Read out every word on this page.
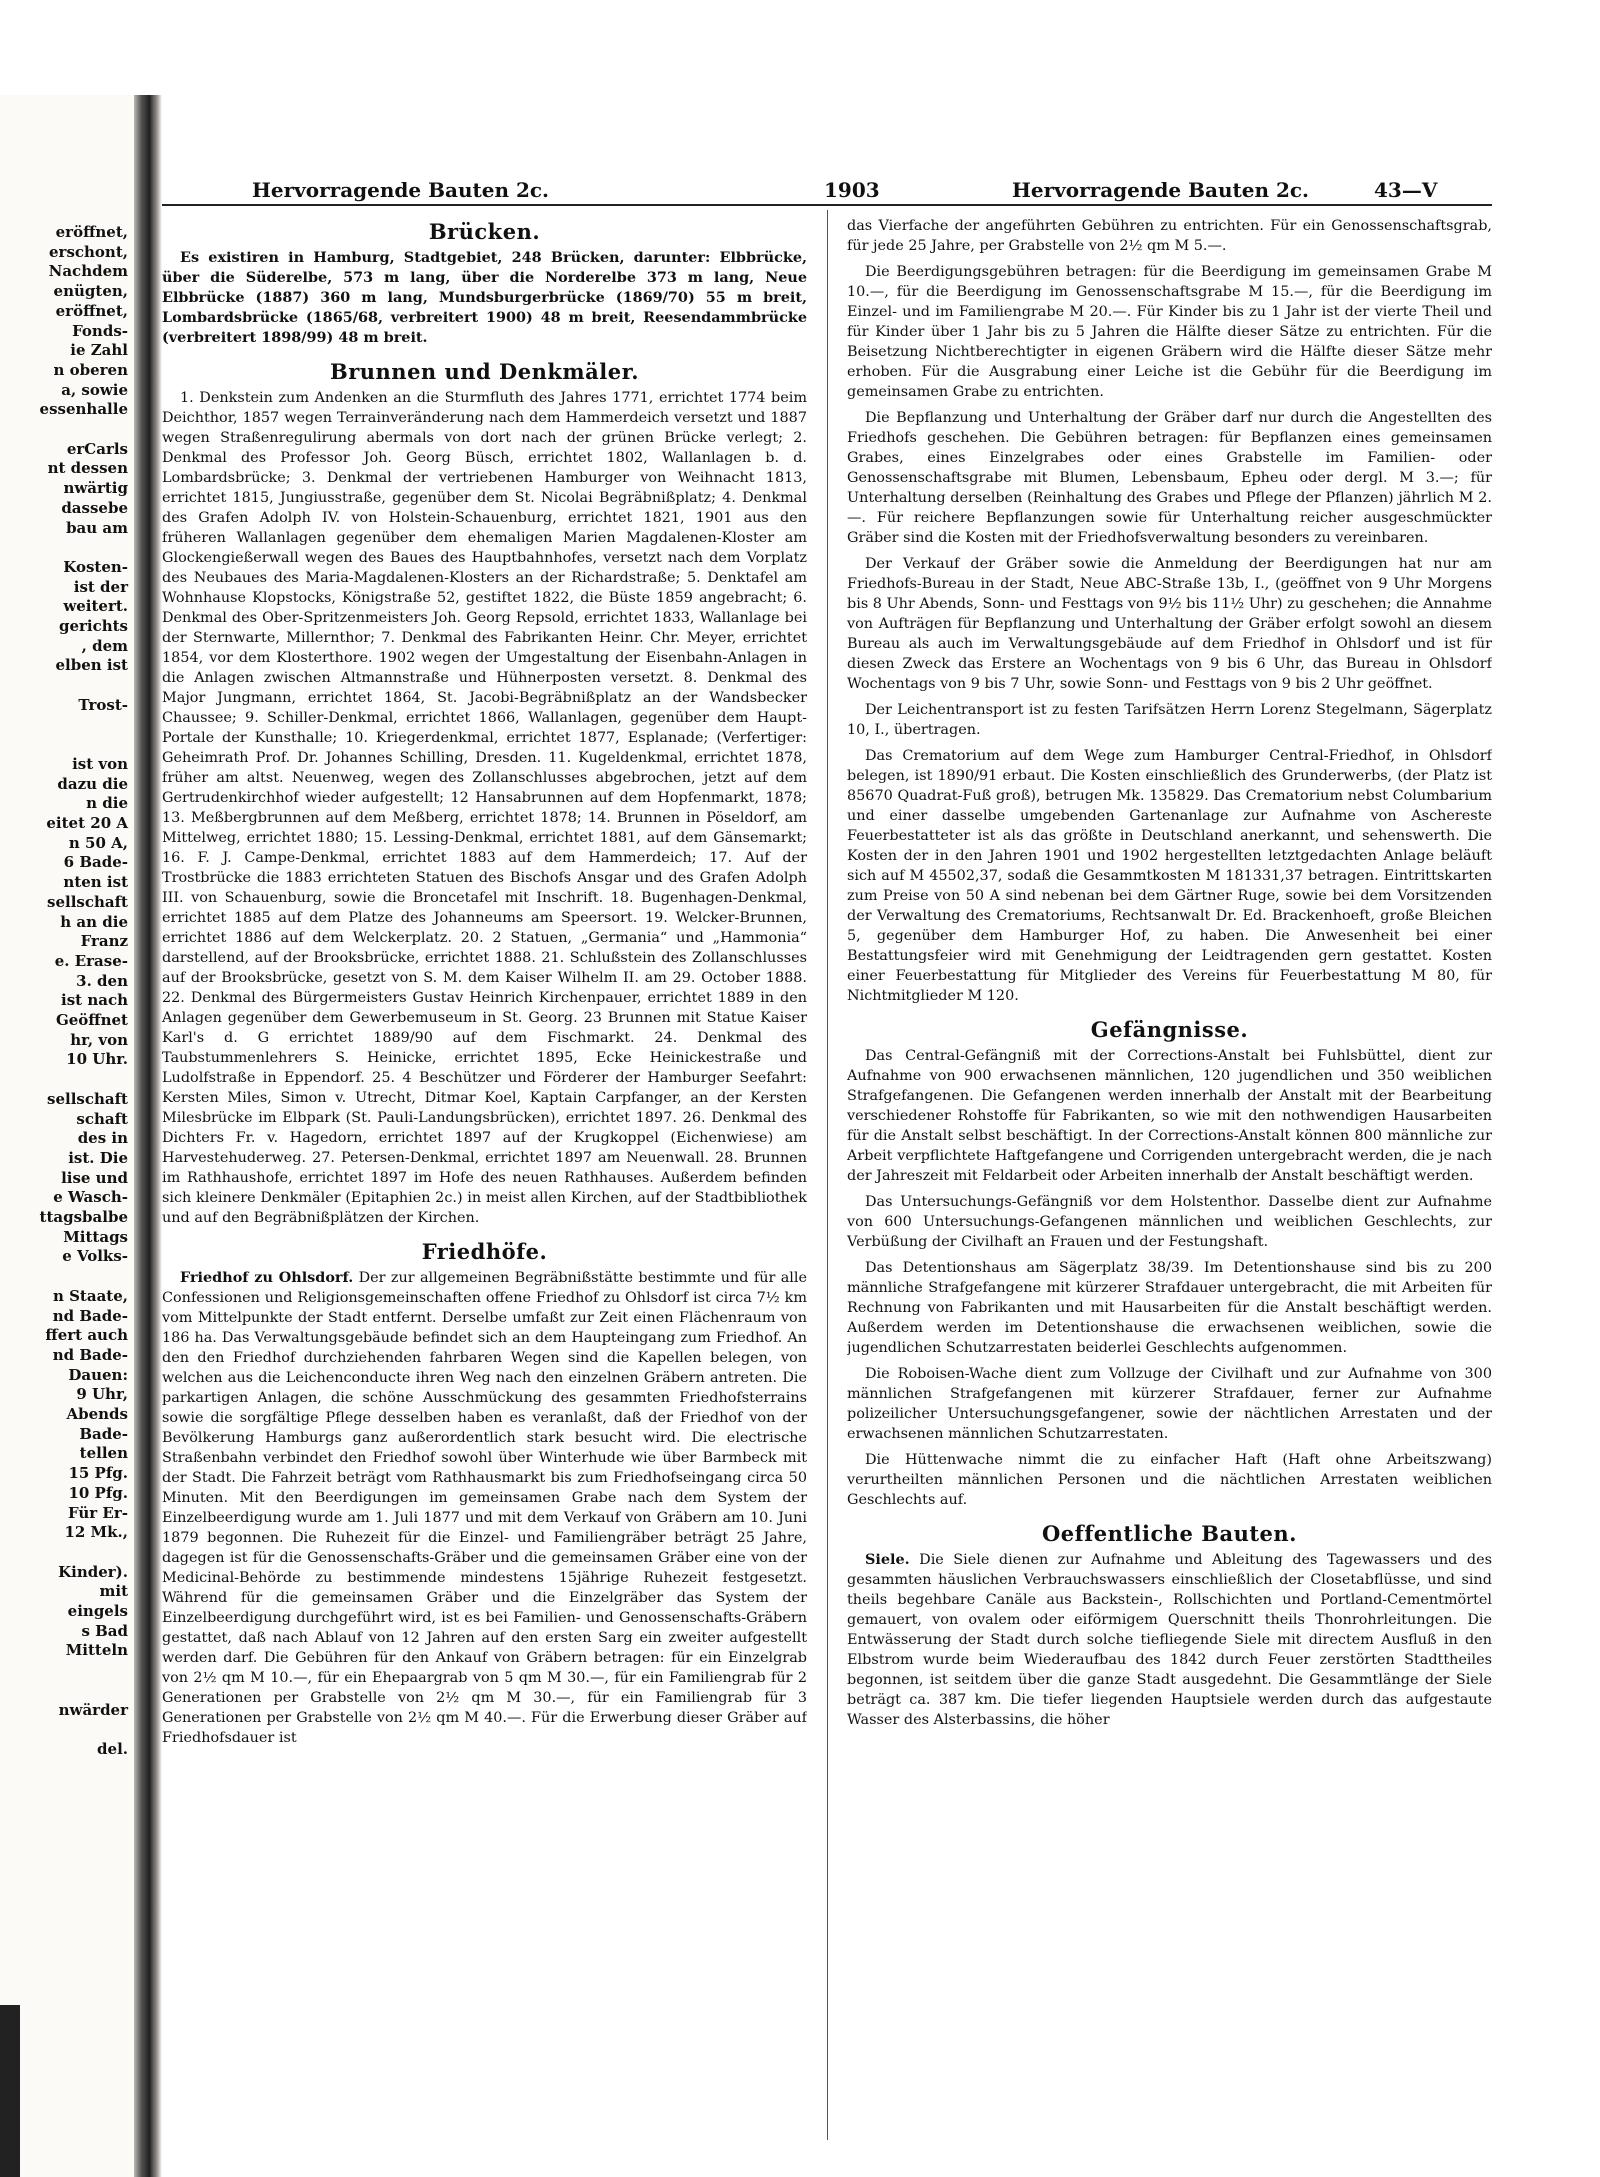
eröffnet,
erschont,
Nachdem
enügten,
eröffnet,
Fonds-
ie Zahl
n oberen
a, sowie
essenhalle
erCarls
nt dessen
nwärtig
dassebe
bau am
Kosten-
ist der
weitert.
gerichts
, dem
elben ist
Trost-
ist von
dazu die
n die
eitet 20 A
n 50 A,
6 Bade-
nten ist
sellschaft
h an die
Franz
e. Erase-
3. den
ist nach
Geöffnet
hr, von
10 Uhr.
sellschaft
schaft
des in
ist. Die
lise und
e Wasch-
ttagsbalbe
Mittags
e Volks-
n Staate,
nd Bade-
ffert auch
nd Bade-
Dauen:
9 Uhr,
Abends
Bade-
tellen
15 Pfg.
10 Pfg.
Für Er-
12 Mk.,
Kinder).
mit
eingels
s Bad
Mitteln
nwärder
del.
Hervorragende Bauten 2c.	1903	Hervorragende Bauten 2c.	43—V
Brücken.

Es existiren in Hamburg, Stadtgebiet, 248 Brücken, darunter: Elbbrücke, über die Süderelbe, 573 m lang, über die Norderelbe 373 m lang, Neue Elbbrücke (1887) 360 m lang, Mundsburgerbrücke (1869/70) 55 m breit, Lombardsbrücke (1865/68, verbreitert 1900) 48 m breit, Reesendammbrücke (verbreitert 1898/99) 48 m breit.

Brunnen und Denkmäler.

1. Denkstein zum Andenken an die Sturmfluth des Jahres 1771, errichtet 1774 beim Deichthor, 1857 wegen Terrainveränderung nach dem Hammerdeich versetzt und 1887 wegen Straßenregulirung abermals von dort nach der grünen Brücke verlegt; 2. Denkmal des Professor Joh. Georg Büsch, errichtet 1802, Wallanlagen b. d. Lombardsbrücke; 3. Denkmal der vertriebenen Hamburger von Weihnacht 1813, errichtet 1815, Jungiusstraße, gegenüber dem St. Nicolai Begräbnißplatz; 4. Denkmal des Grafen Adolph IV. von Holstein-Schauenburg, errichtet 1821, 1901 aus den früheren Wallanlagen gegenüber dem ehemaligen Marien Magdalenen-Kloster am Glockengießerwall wegen des Baues des Hauptbahnhofes, versetzt nach dem Vorplatz des Neubaues des Maria-Magdalenen-Klosters an der Richardstraße; 5. Denktafel am Wohnhause Klopstocks, Königstraße 52, gestiftet 1822, die Büste 1859 angebracht; 6. Denkmal des Ober-Spritzenmeisters Joh. Georg Repsold, errichtet 1833, Wallanlage bei der Sternwarte, Millernthor; 7. Denkmal des Fabrikanten Heinr. Chr. Meyer, errichtet 1854, vor dem Klosterthore. 1902 wegen der Umgestaltung der Eisenbahn-Anlagen in die Anlagen zwischen Altmannstraße und Hühnerposten versetzt. 8. Denkmal des Major Jungmann, errichtet 1864, St. Jacobi-Begräbnißplatz an der Wandsbecker Chaussee; 9. Schiller-Denkmal, errichtet 1866, Wallanlagen, gegenüber dem Haupt-Portale der Kunsthalle; 10. Kriegerdenkmal, errichtet 1877, Esplanade; (Verfertiger: Geheimrath Prof. Dr. Johannes Schilling, Dresden. 11. Kugeldenkmal, errichtet 1878, früher am altst. Neuenweg, wegen des Zollanschlusses abgebrochen, jetzt auf dem Gertrudenkirchhof wieder aufgestellt; 12 Hansabrunnen auf dem Hopfenmarkt, 1878; 13. Meßbergbrunnen auf dem Meßberg, errichtet 1878; 14. Brunnen in Pöseldorf, am Mittelweg, errichtet 1880; 15. Lessing-Denkmal, errichtet 1881, auf dem Gänsemarkt; 16. F. J. Campe-Denkmal, errichtet 1883 auf dem Hammerdeich; 17. Auf der Trostbrücke die 1883 errichteten Statuen des Bischofs Ansgar und des Grafen Adolph III. von Schauenburg, sowie die Broncetafel mit Inschrift. 18. Bugenhagen-Denkmal, errichtet 1885 auf dem Platze des Johanneums am Speersort. 19. Welcker-Brunnen, errichtet 1886 auf dem Welckerplatz. 20. 2 Statuen, „Germania“ und „Hammonia“ darstellend, auf der Brooksbrücke, errichtet 1888. 21. Schlußstein des Zollanschlusses auf der Brooksbrücke, gesetzt von S. M. dem Kaiser Wilhelm II. am 29. October 1888. 22. Denkmal des Bürgermeisters Gustav Heinrich Kirchenpauer, errichtet 1889 in den Anlagen gegenüber dem Gewerbemuseum in St. Georg. 23 Brunnen mit Statue Kaiser Karl's d. G errichtet 1889/90 auf dem Fischmarkt. 24. Denkmal des Taubstummenlehrers S. Heinicke, errichtet 1895, Ecke Heinickestraße und Ludolfstraße in Eppendorf. 25. 4 Beschützer und Förderer der Hamburger Seefahrt: Kersten Miles, Simon v. Utrecht, Ditmar Koel, Kaptain Carpfanger, an der Kersten Milesbrücke im Elbpark (St. Pauli-Landungsbrücken), errichtet 1897. 26. Denkmal des Dichters Fr. v. Hagedorn, errichtet 1897 auf der Krugkoppel (Eichenwiese) am Harvestehuderweg. 27. Petersen-Denkmal, errichtet 1897 am Neuenwall. 28. Brunnen im Rathhaushofe, errichtet 1897 im Hofe des neuen Rathhauses. Außerdem befinden sich kleinere Denkmäler (Epitaphien 2c.) in meist allen Kirchen, auf der Stadtbibliothek und auf den Begräbnißplätzen der Kirchen.

Friedhöfe.

Friedhof zu Ohlsdorf. Der zur allgemeinen Begräbnißstätte bestimmte und für alle Confessionen und Religionsgemeinschaften offene Friedhof zu Ohlsdorf ist circa 7½ km vom Mittelpunkte der Stadt entfernt. Derselbe umfaßt zur Zeit einen Flächenraum von 186 ha. Das Verwaltungsgebäude befindet sich an dem Haupteingang zum Friedhof. An den den Friedhof durchziehenden fahrbaren Wegen sind die Kapellen belegen, von welchen aus die Leichenconducte ihren Weg nach den einzelnen Gräbern antreten. Die parkartigen Anlagen, die schöne Ausschmückung des gesammten Friedhofsterrains sowie die sorgfältige Pflege desselben haben es veranlaßt, daß der Friedhof von der Bevölkerung Hamburgs ganz außerordentlich stark besucht wird. Die electrische Straßenbahn verbindet den Friedhof sowohl über Winterhude wie über Barmbeck mit der Stadt. Die Fahrzeit beträgt vom Rathhausmarkt bis zum Friedhofseingang circa 50 Minuten. Mit den Beerdigungen im gemeinsamen Grabe nach dem System der Einzelbeerdigung wurde am 1. Juli 1877 und mit dem Verkauf von Gräbern am 10. Juni 1879 begonnen. Die Ruhezeit für die Einzel- und Familiengräber beträgt 25 Jahre, dagegen ist für die Genossenschafts-Gräber und die gemeinsamen Gräber eine von der Medicinal-Behörde zu bestimmende mindestens 15jährige Ruhezeit festgesetzt. Während für die gemeinsamen Gräber und die Einzelgräber das System der Einzelbeerdigung durchgeführt wird, ist es bei Familien- und Genossenschafts-Gräbern gestattet, daß nach Ablauf von 12 Jahren auf den ersten Sarg ein zweiter aufgestellt werden darf. Die Gebühren für den Ankauf von Gräbern betragen: für ein Einzelgrab von 2½ qm M 10.—, für ein Ehepaargrab von 5 qm M 30.—, für ein Familiengrab für 2 Generationen per Grabstelle von 2½ qm M 30.—, für ein Familiengrab für 3 Generationen per Grabstelle von 2½ qm M 40.—. Für die Erwerbung dieser Gräber auf Friedhofsdauer ist

das Vierfache der angeführten Gebühren zu entrichten. Für ein Genossenschaftsgrab, für jede 25 Jahre, per Grabstelle von 2½ qm M 5.—.

Die Beerdigungsgebühren betragen: für die Beerdigung im gemeinsamen Grabe M 10.—, für die Beerdigung im Genossenschaftsgrabe M 15.—, für die Beerdigung im Einzel- und im Familiengrabe M 20.—. Für Kinder bis zu 1 Jahr ist der vierte Theil und für Kinder über 1 Jahr bis zu 5 Jahren die Hälfte dieser Sätze zu entrichten. Für die Beisetzung Nichtberechtigter in eigenen Gräbern wird die Hälfte dieser Sätze mehr erhoben. Für die Ausgrabung einer Leiche ist die Gebühr für die Beerdigung im gemeinsamen Grabe zu entrichten.

Die Bepflanzung und Unterhaltung der Gräber darf nur durch die Angestellten des Friedhofs geschehen. Die Gebühren betragen: für Bepflanzen eines gemeinsamen Grabes, eines Einzelgrabes oder eines Grabstelle im Familien- oder Genossenschaftsgrabe mit Blumen, Lebensbaum, Epheu oder dergl. M 3.—; für Unterhaltung derselben (Reinhaltung des Grabes und Pflege der Pflanzen) jährlich M 2.—. Für reichere Bepflanzungen sowie für Unterhaltung reicher ausgeschmückter Gräber sind die Kosten mit der Friedhofsverwaltung besonders zu vereinbaren.

Der Verkauf der Gräber sowie die Anmeldung der Beerdigungen hat nur am Friedhofs-Bureau in der Stadt, Neue ABC-Straße 13b, I., (geöffnet von 9 Uhr Morgens bis 8 Uhr Abends, Sonn- und Festtags von 9½ bis 11½ Uhr) zu geschehen; die Annahme von Aufträgen für Bepflanzung und Unterhaltung der Gräber erfolgt sowohl an diesem Bureau als auch im Verwaltungsgebäude auf dem Friedhof in Ohlsdorf und ist für diesen Zweck das Erstere an Wochentags von 9 bis 6 Uhr, das Bureau in Ohlsdorf Wochentags von 9 bis 7 Uhr, sowie Sonn- und Festtags von 9 bis 2 Uhr geöffnet.

Der Leichentransport ist zu festen Tarifsätzen Herrn Lorenz Stegelmann, Sägerplatz 10, I., übertragen.

Das Crematorium auf dem Wege zum Hamburger Central-Friedhof, in Ohlsdorf belegen, ist 1890/91 erbaut. Die Kosten einschließlich des Grunderwerbs, (der Platz ist 85670 Quadrat-Fuß groß), betrugen Mk. 135829. Das Crematorium nebst Columbarium und einer dasselbe umgebenden Gartenanlage zur Aufnahme von Aschereste Feuerbestatteter ist als das größte in Deutschland anerkannt, und sehenswerth. Die Kosten der in den Jahren 1901 und 1902 hergestellten letztgedachten Anlage beläuft sich auf M 45502,37, sodaß die Gesammtkosten M 181331,37 betragen. Eintrittskarten zum Preise von 50 A sind nebenan bei dem Gärtner Ruge, sowie bei dem Vorsitzenden der Verwaltung des Crematoriums, Rechtsanwalt Dr. Ed. Brackenhoeft, große Bleichen 5, gegenüber dem Hamburger Hof, zu haben. Die Anwesenheit bei einer Bestattungsfeier wird mit Genehmigung der Leidtragenden gern gestattet. Kosten einer Feuerbestattung für Mitglieder des Vereins für Feuerbestattung M 80, für Nichtmitglieder M 120.

Gefängnisse.

Das Central-Gefängniß mit der Corrections-Anstalt bei Fuhlsbüttel, dient zur Aufnahme von 900 erwachsenen männlichen, 120 jugendlichen und 350 weiblichen Strafgefangenen. Die Gefangenen werden innerhalb der Anstalt mit der Bearbeitung verschiedener Rohstoffe für Fabrikanten, so wie mit den nothwendigen Hausarbeiten für die Anstalt selbst beschäftigt. In der Corrections-Anstalt können 800 männliche zur Arbeit verpflichtete Haftgefangene und Corrigenden untergebracht werden, die je nach der Jahreszeit mit Feldarbeit oder Arbeiten innerhalb der Anstalt beschäftigt werden.

Das Untersuchungs-Gefängniß vor dem Holstenthor. Dasselbe dient zur Aufnahme von 600 Untersuchungs-Gefangenen männlichen und weiblichen Geschlechts, zur Verbüßung der Civilhaft an Frauen und der Festungshaft.

Das Detentionshaus am Sägerplatz 38/39. Im Detentionshause sind bis zu 200 männliche Strafgefangene mit kürzerer Strafdauer untergebracht, die mit Arbeiten für Rechnung von Fabrikanten und mit Hausarbeiten für die Anstalt beschäftigt werden. Außerdem werden im Detentionshause die erwachsenen weiblichen, sowie die jugendlichen Schutzarrestaten beiderlei Geschlechts aufgenommen.

Die Roboisen-Wache dient zum Vollzuge der Civilhaft und zur Aufnahme von 300 männlichen Strafgefangenen mit kürzerer Strafdauer, ferner zur Aufnahme polizeilicher Untersuchungsgefangener, sowie der nächtlichen Arrestaten und der erwachsenen männlichen Schutzarrestaten.

Die Hüttenwache nimmt die zu einfacher Haft (Haft ohne Arbeitszwang) verurtheilten männlichen Personen und die nächtlichen Arrestaten weiblichen Geschlechts auf.

Oeffentliche Bauten.

Siele. Die Siele dienen zur Aufnahme und Ableitung des Tagewassers und des gesammten häuslichen Verbrauchswassers einschließlich der Closetabflüsse, und sind theils begehbare Canäle aus Backstein-, Rollschichten und Portland-Cementmörtel gemauert, von ovalem oder eiförmigem Querschnitt theils Thonrohrleitungen. Die Entwässerung der Stadt durch solche tiefliegende Siele mit directem Ausfluß in den Elbstrom wurde beim Wiederaufbau des 1842 durch Feuer zerstörten Stadttheiles begonnen, ist seitdem über die ganze Stadt ausgedehnt. Die Gesammtlänge der Siele beträgt ca. 387 km. Die tiefer liegenden Hauptsiele werden durch das aufgestaute Wasser des Alsterbassins, die höher
